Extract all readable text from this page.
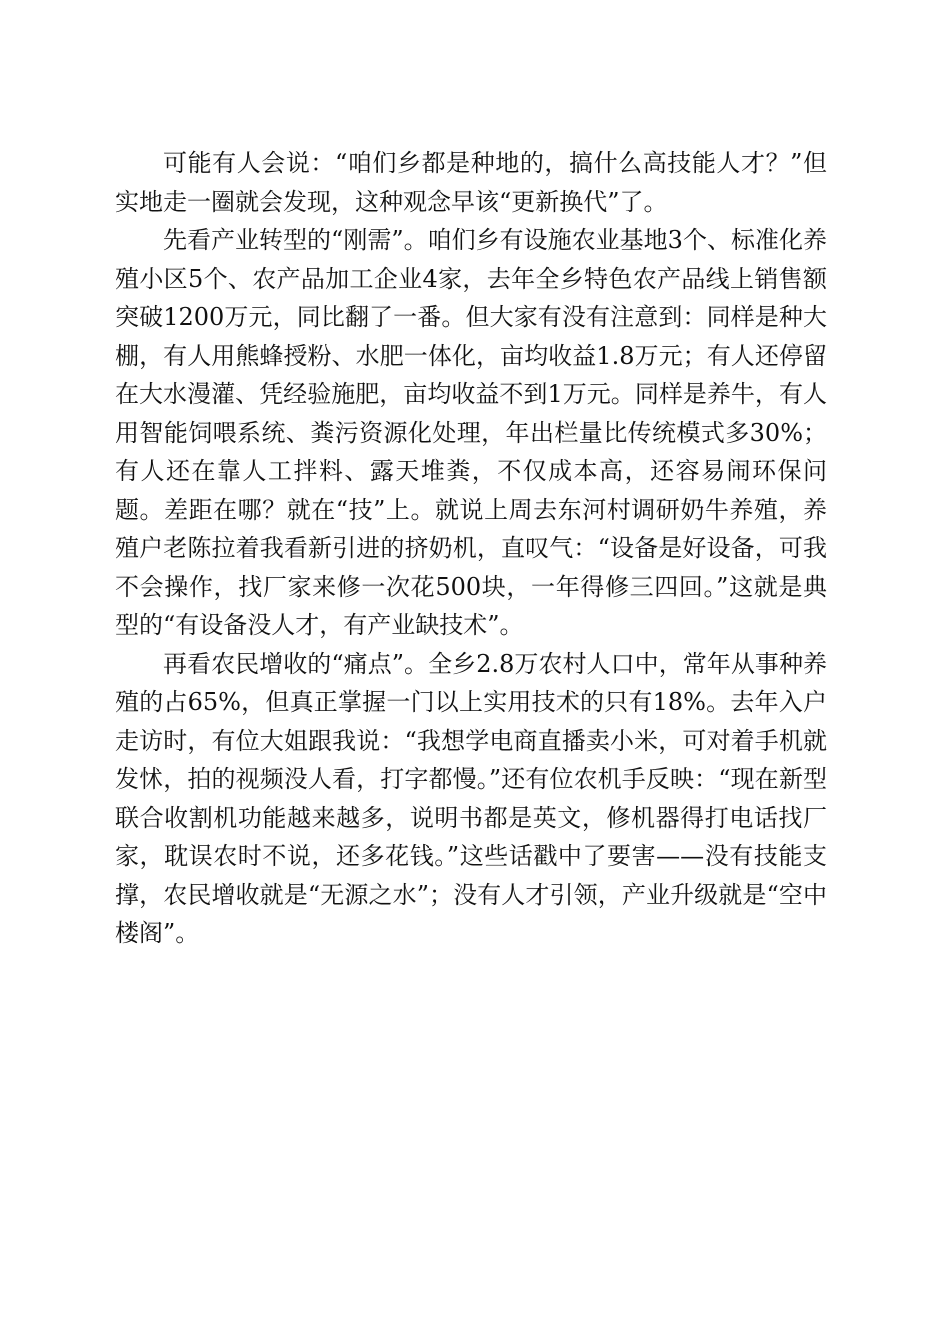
可能有人会说：“咱们乡都是种地的，搞什么高技能人才？”但实地走一圈就会发现，这种观念早该“更新换代”了。

先看产业转型的“刚需”。咱们乡有设施农业基地3个、标准化养殖小区5个、农产品加工企业4家，去年全乡特色农产品线上销售额突破1200万元，同比翻了一番。但大家有没有注意到：同样是种大棚，有人用熊蜂授粉、水肥一体化，亩均收益1.8万元；有人还停留在大水漫灌、凭经验施肥，亩均收益不到1万元。同样是养牛，有人用智能饲喂系统、粪污资源化处理，年出栏量比传统模式多30%；有人还在靠人工拌料、露天堆粪，不仅成本高，还容易闹环保问题。差距在哪？就在“技”上。就说上周去东河村调研奶牛养殖，养殖户老陈拉着我看新引进的挤奶机，直叹气：“设备是好设备，可我不会操作，找厂家来修一次花500块，一年得修三四回。”这就是典型的“有设备没人才，有产业缺技术”。

再看农民增收的“痛点”。全乡2.8万农村人口中，常年从事种养殖的占65%，但真正掌握一门以上实用技术的只有18%。去年入户走访时，有位大姐跟我说：“我想学电商直播卖小米，可对着手机就发怵，拍的视频没人看，打字都慢。”还有位农机手反映：“现在新型联合收割机功能越来越多，说明书都是英文，修机器得打电话找厂家，耽误农时不说，还多花钱。”这些话戳中了要害——没有技能支撑，农民增收就是“无源之水”；没有人才引领，产业升级就是“空中楼阁”。
